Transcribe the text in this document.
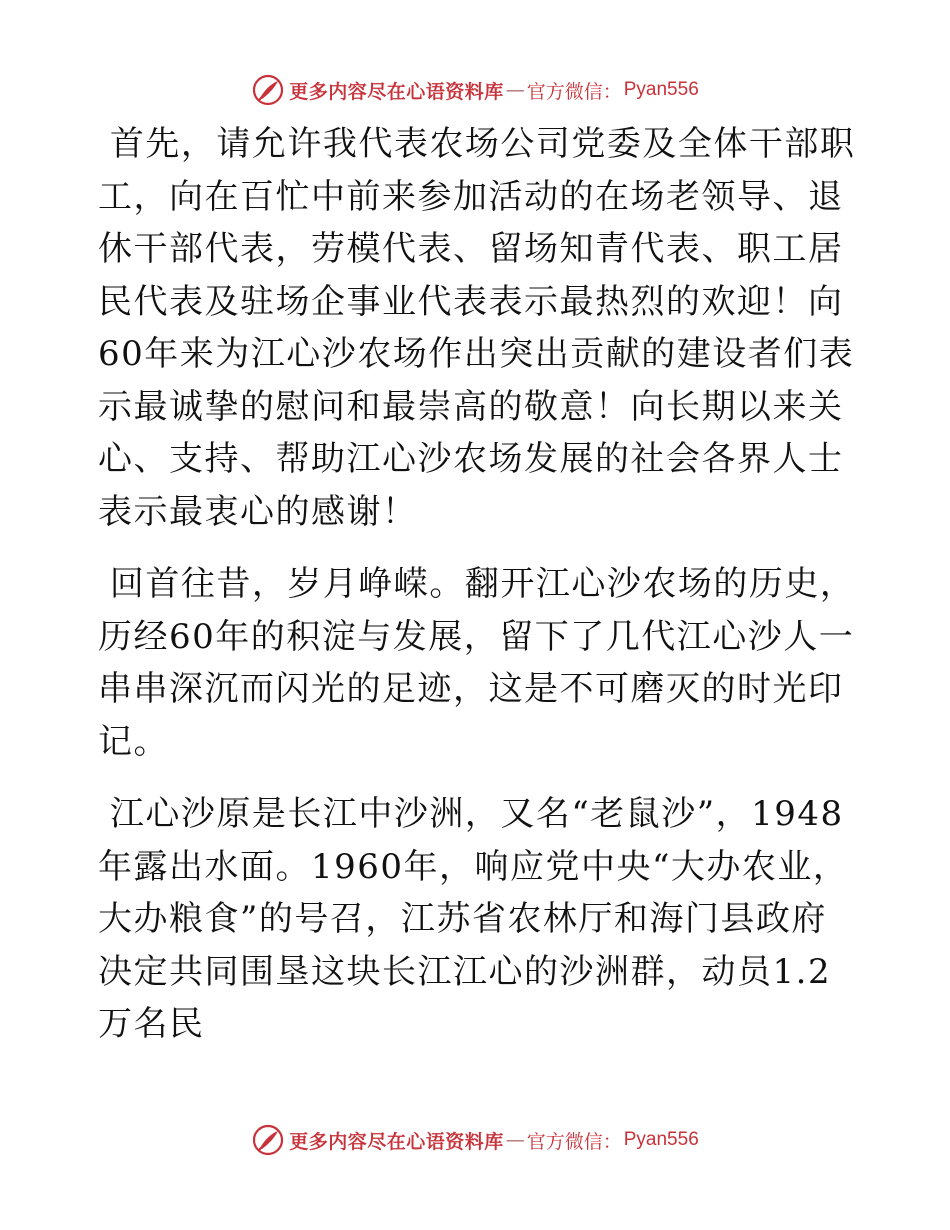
更多内容尽在心语资料库 — 官方微信： Pyan556

首先，请允许我代表农场公司党委及全体干部职工，向在百忙中前来参加活动的在场老领导、退休干部代表，劳模代表、留场知青代表、职工居民代表及驻场企事业代表表示最热烈的欢迎！向60年来为江心沙农场作出突出贡献的建设者们表示最诚挚的慰问和最崇高的敬意！向长期以来关心、支持、帮助江心沙农场发展的社会各界人士表示最衷心的感谢！

回首往昔，岁月峥嵘。翻开江心沙农场的历史，历经60年的积淀与发展，留下了几代江心沙人一串串深沉而闪光的足迹，这是不可磨灭的时光印记。

江心沙原是长江中沙洲，又名“老鼠沙”，1948年露出水面。1960年，响应党中央“大办农业，大办粮食”的号召，江苏省农林厅和海门县政府决定共同围垦这块长江江心的沙洲群，动员1.2万名民

更多内容尽在心语资料库 — 官方微信： Pyan556
